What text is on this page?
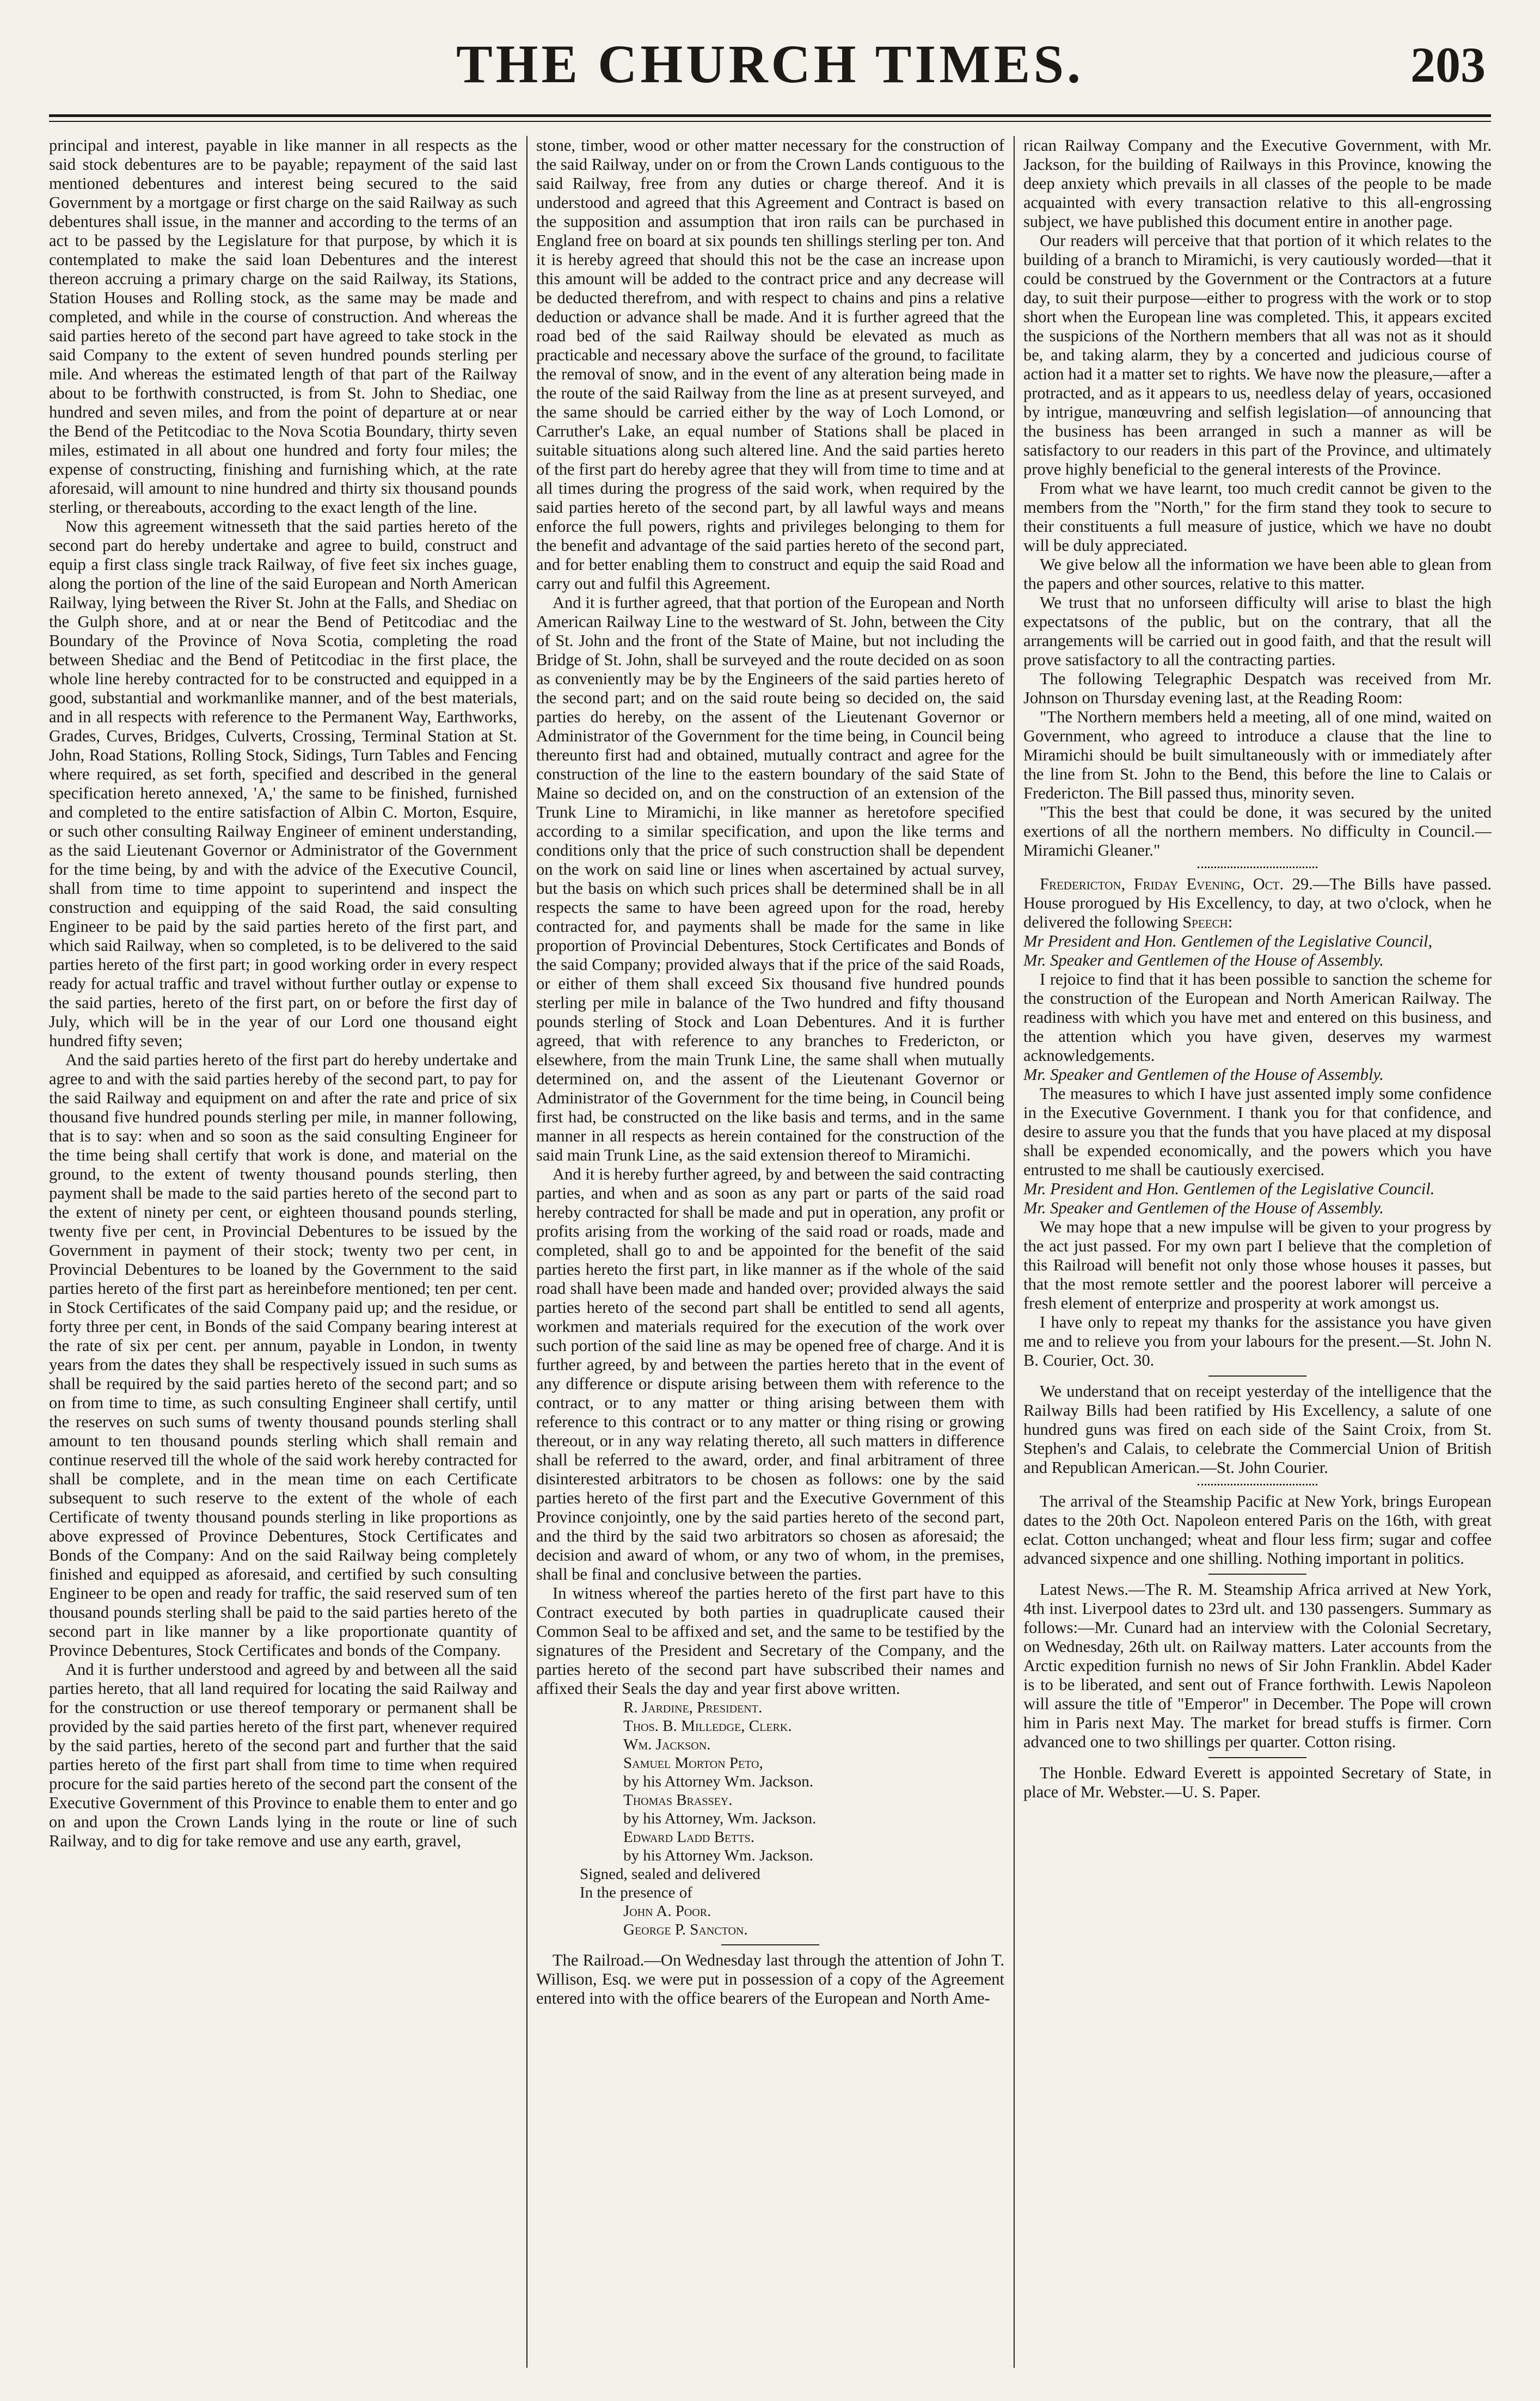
THE CHURCH TIMES.	203

principal and interest, payable in like manner in all respects as the said stock debentures are to be payable; repayment of the said last mentioned debentures and interest being secured to the said Government by a mortgage or first charge on the said Railway as such debentures shall issue, in the manner and according to the terms of an act to be passed by the Legislature for that purpose, by which it is contemplated to make the said loan Debentures and the interest thereon accruing a primary charge on the said Railway, its Stations, Station Houses and Rolling stock, as the same may be made and completed, and while in the course of construction. And whereas the said parties hereto of the second part have agreed to take stock in the said Company to the extent of seven hundred pounds sterling per mile. And whereas the estimated length of that part of the Railway about to be forthwith constructed, is from St. John to Shediac, one hundred and seven miles, and from the point of departure at or near the Bend of the Petitcodiac to the Nova Scotia Boundary, thirty seven miles, estimated in all about one hundred and forty four miles; the expense of constructing, finishing and furnishing which, at the rate aforesaid, will amount to nine hundred and thirty six thousand pounds sterling, or thereabouts, according to the exact length of the line.

Now this agreement witnesseth that the said parties hereto of the second part do hereby undertake and agree to build, construct and equip a first class single track Railway, of five feet six inches guage, along the portion of the line of the said European and North American Railway, lying between the River St. John at the Falls, and Shediac on the Gulph shore, and at or near the Bend of Petitcodiac and the Boundary of the Province of Nova Scotia, completing the road between Shediac and the Bend of Petitcodiac in the first place, the whole line hereby contracted for to be constructed and equipped in a good, substantial and workmanlike manner, and of the best materials, and in all respects with reference to the Permanent Way, Earthworks, Grades, Curves, Bridges, Culverts, Crossing, Terminal Station at St. John, Road Stations, Rolling Stock, Sidings, Turn Tables and Fencing where required, as set forth, specified and described in the general specification hereto annexed, 'A,' the same to be finished, furnished and completed to the entire satisfaction of Albin C. Morton, Esquire, or such other consulting Railway Engineer of eminent understanding, as the said Lieutenant Governor or Administrator of the Government for the time being, by and with the advice of the Executive Council, shall from time to time appoint to superintend and inspect the construction and equipping of the said Road, the said consulting Engineer to be paid by the said parties hereto of the first part, and which said Railway, when so completed, is to be delivered to the said parties hereto of the first part; in good working order in every respect ready for actual traffic and travel without further outlay or expense to the said parties, hereto of the first part, on or before the first day of July, which will be in the year of our Lord one thousand eight hundred fifty seven;

And the said parties hereto of the first part do hereby undertake and agree to and with the said parties hereby of the second part, to pay for the said Railway and equipment on and after the rate and price of six thousand five hundred pounds sterling per mile, in manner following, that is to say: when and so soon as the said consulting Engineer for the time being shall certify that work is done, and material on the ground, to the extent of twenty thousand pounds sterling, then payment shall be made to the said parties hereto of the second part to the extent of ninety per cent, or eighteen thousand pounds sterling, twenty five per cent, in Provincial Debentures to be issued by the Government in payment of their stock; twenty two per cent, in Provincial Debentures to be loaned by the Government to the said parties hereto of the first part as hereinbefore mentioned; ten per cent. in Stock Certificates of the said Company paid up; and the residue, or forty three per cent, in Bonds of the said Company bearing interest at the rate of six per cent. per annum, payable in London, in twenty years from the dates they shall be respectively issued in such sums as shall be required by the said parties hereto of the second part; and so on from time to time, as such consulting Engineer shall certify, until the reserves on such sums of twenty thousand pounds sterling shall amount to ten thousand pounds sterling which shall remain and continue reserved till the whole of the said work hereby contracted for shall be complete, and in the mean time on each Certificate subsequent to such reserve to the extent of the whole of each Certificate of twenty thousand pounds sterling in like proportions as above expressed of Province Debentures, Stock Certificates and Bonds of the Company: And on the said Railway being completely finished and equipped as aforesaid, and certified by such consulting Engineer to be open and ready for traffic, the said reserved sum of ten thousand pounds sterling shall be paid to the said parties hereto of the second part in like manner by a like proportionate quantity of Province Debentures, Stock Certificates and bonds of the Company.

And it is further understood and agreed by and between all the said parties hereto, that all land required for locating the said Railway and for the construction or use thereof temporary or permanent shall be provided by the said parties hereto of the first part, whenever required by the said parties, hereto of the second part and further that the said parties hereto of the first part shall from time to time when required procure for the said parties hereto of the second part the consent of the Executive Government of this Province to enable them to enter and go on and upon the Crown Lands lying in the route or line of such Railway, and to dig for take remove and use any earth, gravel,

stone, timber, wood or other matter necessary for the construction of the said Railway, under on or from the Crown Lands contiguous to the said Railway, free from any duties or charge thereof. And it is understood and agreed that this Agreement and Contract is based on the supposition and assumption that iron rails can be purchased in England free on board at six pounds ten shillings sterling per ton. And it is hereby agreed that should this not be the case an increase upon this amount will be added to the contract price and any decrease will be deducted therefrom, and with respect to chains and pins a relative deduction or advance shall be made. And it is further agreed that the road bed of the said Railway should be elevated as much as practicable and necessary above the surface of the ground, to facilitate the removal of snow, and in the event of any alteration being made in the route of the said Railway from the line as at present surveyed, and the same should be carried either by the way of Loch Lomond, or Carruther's Lake, an equal number of Stations shall be placed in suitable situations along such altered line. And the said parties hereto of the first part do hereby agree that they will from time to time and at all times during the progress of the said work, when required by the said parties hereto of the second part, by all lawful ways and means enforce the full powers, rights and privileges belonging to them for the benefit and advantage of the said parties hereto of the second part, and for better enabling them to construct and equip the said Road and carry out and fulfil this Agreement.

And it is further agreed, that that portion of the European and North American Railway Line to the westward of St. John, between the City of St. John and the front of the State of Maine, but not including the Bridge of St. John, shall be surveyed and the route decided on as soon as conveniently may be by the Engineers of the said parties hereto of the second part; and on the said route being so decided on, the said parties do hereby, on the assent of the Lieutenant Governor or Administrator of the Government for the time being, in Council being thereunto first had and obtained, mutually contract and agree for the construction of the line to the eastern boundary of the said State of Maine so decided on, and on the construction of an extension of the Trunk Line to Miramichi, in like manner as heretofore specified according to a similar specification, and upon the like terms and conditions only that the price of such construction shall be dependent on the work on said line or lines when ascertained by actual survey, but the basis on which such prices shall be determined shall be in all respects the same to have been agreed upon for the road, hereby contracted for, and payments shall be made for the same in like proportion of Provincial Debentures, Stock Certificates and Bonds of the said Company; provided always that if the price of the said Roads, or either of them shall exceed Six thousand five hundred pounds sterling per mile in balance of the Two hundred and fifty thousand pounds sterling of Stock and Loan Debentures. And it is further agreed, that with reference to any branches to Fredericton, or elsewhere, from the main Trunk Line, the same shall when mutually determined on, and the assent of the Lieutenant Governor or Administrator of the Government for the time being, in Council being first had, be constructed on the like basis and terms, and in the same manner in all respects as herein contained for the construction of the said main Trunk Line, as the said extension thereof to Miramichi.

And it is hereby further agreed, by and between the said contracting parties, and when and as soon as any part or parts of the said road hereby contracted for shall be made and put in operation, any profit or profits arising from the working of the said road or roads, made and completed, shall go to and be appointed for the benefit of the said parties hereto the first part, in like manner as if the whole of the said road shall have been made and handed over; provided always the said parties hereto of the second part shall be entitled to send all agents, workmen and materials required for the execution of the work over such portion of the said line as may be opened free of charge. And it is further agreed, by and between the parties hereto that in the event of any difference or dispute arising between them with reference to the contract, or to any matter or thing arising between them with reference to this contract or to any matter or thing rising or growing thereout, or in any way relating thereto, all such matters in difference shall be referred to the award, order, and final arbitrament of three disinterested arbitrators to be chosen as follows: one by the said parties hereto of the first part and the Executive Government of this Province conjointly, one by the said parties hereto of the second part, and the third by the said two arbitrators so chosen as aforesaid; the decision and award of whom, or any two of whom, in the premises, shall be final and conclusive between the parties.

In witness whereof the parties hereto of the first part have to this Contract executed by both parties in quadruplicate caused their Common Seal to be affixed and set, and the same to be testified by the signatures of the President and Secretary of the Company, and the parties hereto of the second part have subscribed their names and affixed their Seals the day and year first above written.

R. Jardine, President.

Thos. B. Milledge, Clerk.

Wm. Jackson.

Samuel Morton Peto,

by his Attorney Wm. Jackson.

Thomas Brassey.

by his Attorney, Wm. Jackson.

Edward Ladd Betts.

by his Attorney Wm. Jackson.

Signed, sealed and delivered

In the presence of

John A. Poor.

George P. Sancton.

The Railroad.—On Wednesday last through the attention of John T. Willison, Esq. we were put in possession of a copy of the Agreement entered into with the office bearers of the European and North Ame-

rican Railway Company and the Executive Government, with Mr. Jackson, for the building of Railways in this Province, knowing the deep anxiety which prevails in all classes of the people to be made acquainted with every transaction relative to this all-engrossing subject, we have published this document entire in another page.

Our readers will perceive that that portion of it which relates to the building of a branch to Miramichi, is very cautiously worded—that it could be construed by the Government or the Contractors at a future day, to suit their purpose—either to progress with the work or to stop short when the European line was completed. This, it appears excited the suspicions of the Northern members that all was not as it should be, and taking alarm, they by a concerted and judicious course of action had it a matter set to rights. We have now the pleasure,—after a protracted, and as it appears to us, needless delay of years, occasioned by intrigue, manœuvring and selfish legislation—of announcing that the business has been arranged in such a manner as will be satisfactory to our readers in this part of the Province, and ultimately prove highly beneficial to the general interests of the Province.

From what we have learnt, too much credit cannot be given to the members from the "North," for the firm stand they took to secure to their constituents a full measure of justice, which we have no doubt will be duly appreciated.

We give below all the information we have been able to glean from the papers and other sources, relative to this matter.

We trust that no unforseen difficulty will arise to blast the high expectatsons of the public, but on the contrary, that all the arrangements will be carried out in good faith, and that the result will prove satisfactory to all the contracting parties.

The following Telegraphic Despatch was received from Mr. Johnson on Thursday evening last, at the Reading Room:

"The Northern members held a meeting, all of one mind, waited on Government, who agreed to introduce a clause that the line to Miramichi should be built simultaneously with or immediately after the line from St. John to the Bend, this before the line to Calais or Fredericton. The Bill passed thus, minority seven.

"This the best that could be done, it was secured by the united exertions of all the northern members. No difficulty in Council.—Miramichi Gleaner."

Fredericton, Friday Evening, Oct. 29.—The Bills have passed. House prorogued by His Excellency, to day, at two o'clock, when he delivered the following Speech:

Mr President and Hon. Gentlemen of the Legislative Council,

Mr. Speaker and Gentlemen of the House of Assembly.

I rejoice to find that it has been possible to sanction the scheme for the construction of the European and North American Railway. The readiness with which you have met and entered on this business, and the attention which you have given, deserves my warmest acknowledgements.

Mr. Speaker and Gentlemen of the House of Assembly.

The measures to which I have just assented imply some confidence in the Executive Government. I thank you for that confidence, and desire to assure you that the funds that you have placed at my disposal shall be expended economically, and the powers which you have entrusted to me shall be cautiously exercised.

Mr. President and Hon. Gentlemen of the Legislative Council.

Mr. Speaker and Gentlemen of the House of Assembly.

We may hope that a new impulse will be given to your progress by the act just passed. For my own part I believe that the completion of this Railroad will benefit not only those whose houses it passes, but that the most remote settler and the poorest laborer will perceive a fresh element of enterprize and prosperity at work amongst us.

I have only to repeat my thanks for the assistance you have given me and to relieve you from your labours for the present.—St. John N. B. Courier, Oct. 30.

We understand that on receipt yesterday of the intelligence that the Railway Bills had been ratified by His Excellency, a salute of one hundred guns was fired on each side of the Saint Croix, from St. Stephen's and Calais, to celebrate the Commercial Union of British and Republican American.—St. John Courier.

The arrival of the Steamship Pacific at New York, brings European dates to the 20th Oct. Napoleon entered Paris on the 16th, with great eclat. Cotton unchanged; wheat and flour less firm; sugar and coffee advanced sixpence and one shilling. Nothing important in politics.

Latest News.—The R. M. Steamship Africa arrived at New York, 4th inst. Liverpool dates to 23rd ult. and 130 passengers. Summary as follows:—Mr. Cunard had an interview with the Colonial Secretary, on Wednesday, 26th ult. on Railway matters. Later accounts from the Arctic expedition furnish no news of Sir John Franklin. Abdel Kader is to be liberated, and sent out of France forthwith. Lewis Napoleon will assure the title of "Emperor" in December. The Pope will crown him in Paris next May. The market for bread stuffs is firmer. Corn advanced one to two shillings per quarter. Cotton rising.

The Honble. Edward Everett is appointed Secretary of State, in place of Mr. Webster.—U. S. Paper.
